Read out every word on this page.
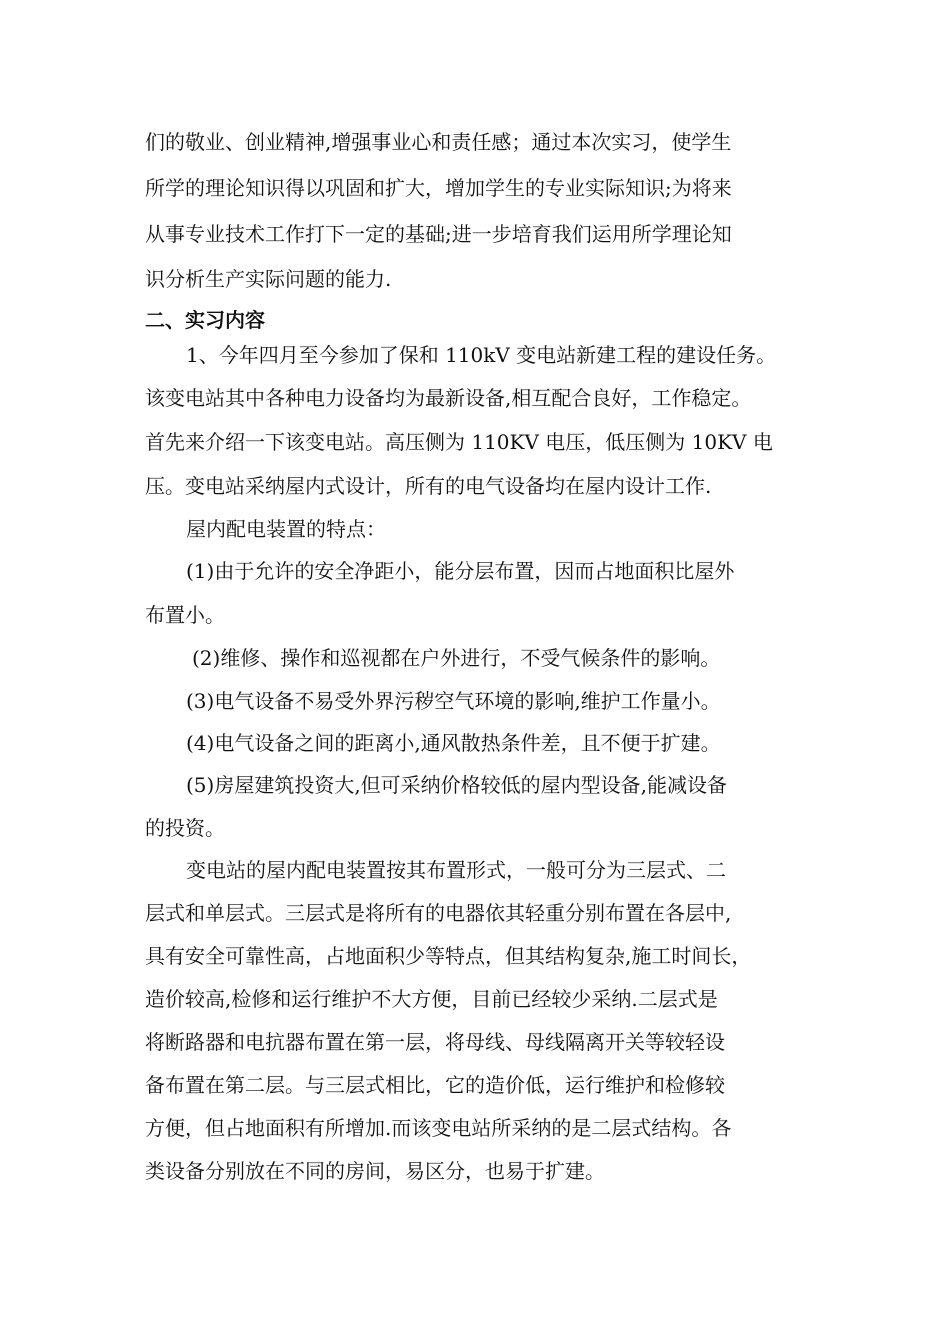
们的敬业、创业精神,增强事业心和责任感；通过本次实习，使学生
所学的理论知识得以巩固和扩大，增加学生的专业实际知识;为将来
从事专业技术工作打下一定的基础;进一步培育我们运用所学理论知
识分析生产实际问题的能力.
二、实习内容
1、今年四月至今参加了保和 110kV 变电站新建工程的建设任务。
该变电站其中各种电力设备均为最新设备,相互配合良好，工作稳定。
首先来介绍一下该变电站。高压侧为 110KV 电压，低压侧为 10KV 电
压。变电站采纳屋内式设计，所有的电气设备均在屋内设计工作.
屋内配电装置的特点：
(1)由于允许的安全净距小，能分层布置，因而占地面积比屋外
布置小。
(2)维修、操作和巡视都在户外进行，不受气候条件的影响。
(3)电气设备不易受外界污秽空气环境的影响,维护工作量小。
(4)电气设备之间的距离小,通风散热条件差，且不便于扩建。
(5)房屋建筑投资大,但可采纳价格较低的屋内型设备,能减设备
的投资。
变电站的屋内配电装置按其布置形式，一般可分为三层式、二
层式和单层式。三层式是将所有的电器依其轻重分别布置在各层中,
具有安全可靠性高，占地面积少等特点，但其结构复杂,施工时间长，
造价较高,检修和运行维护不大方便，目前已经较少采纳.二层式是
将断路器和电抗器布置在第一层，将母线、母线隔离开关等较轻设
备布置在第二层。与三层式相比，它的造价低，运行维护和检修较
方便，但占地面积有所增加.而该变电站所采纳的是二层式结构。各
类设备分别放在不同的房间，易区分，也易于扩建。
